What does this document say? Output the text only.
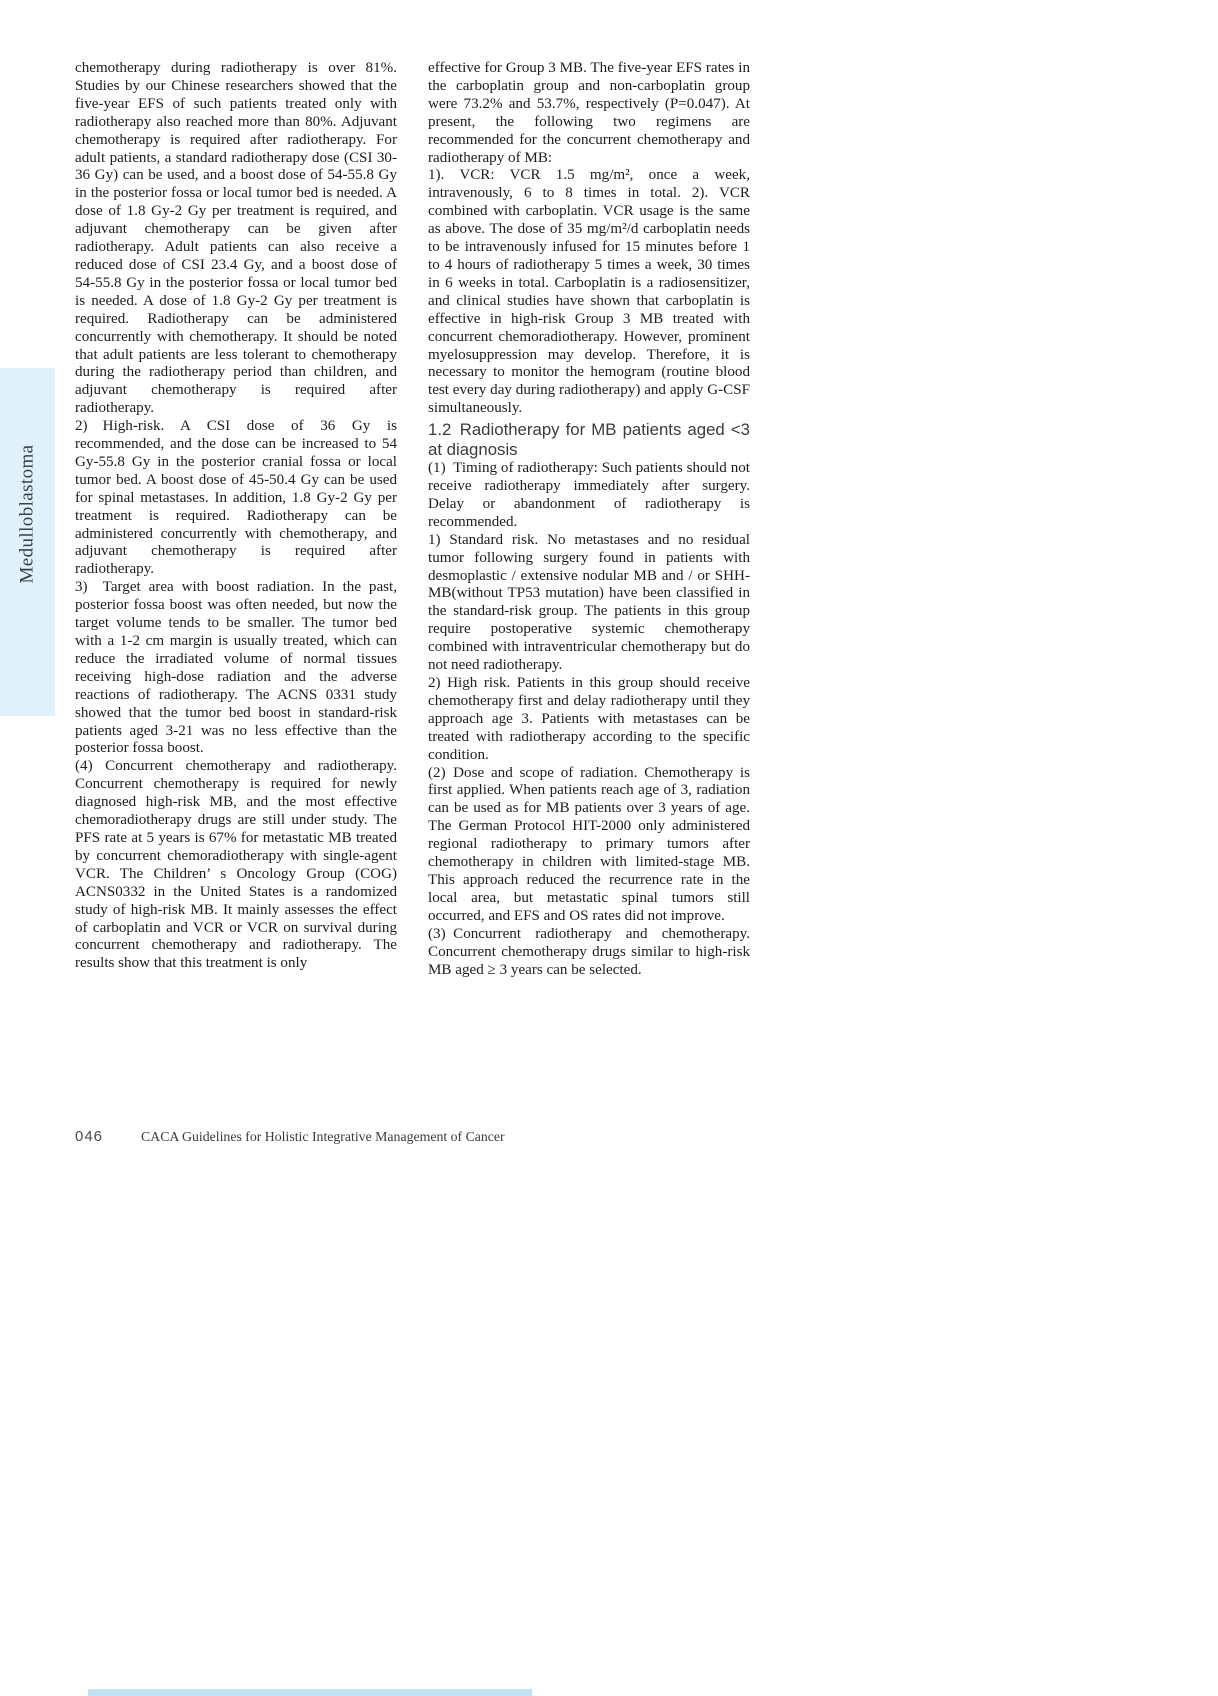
Medulloblastoma

chemotherapy during radiotherapy is over 81%. Studies by our Chinese researchers showed that the five-year EFS of such patients treated only with radiotherapy also reached more than 80%. Adjuvant chemotherapy is required after radiotherapy. For adult patients, a standard radiotherapy dose (CSI 30-36 Gy) can be used, and a boost dose of 54-55.8 Gy in the posterior fossa or local tumor bed is needed. A dose of 1.8 Gy-2 Gy per treatment is required, and adjuvant chemotherapy can be given after radiotherapy. Adult patients can also receive a reduced dose of CSI 23.4 Gy, and a boost dose of 54-55.8 Gy in the posterior fossa or local tumor bed is needed. A dose of 1.8 Gy-2 Gy per treatment is required. Radiotherapy can be administered concurrently with chemotherapy. It should be noted that adult patients are less tolerant to chemotherapy during the radiotherapy period than children, and adjuvant chemotherapy is required after radiotherapy.

2) High-risk. A CSI dose of 36 Gy is recommended, and the dose can be increased to 54 Gy-55.8 Gy in the posterior cranial fossa or local tumor bed. A boost dose of 45-50.4 Gy can be used for spinal metastases. In addition, 1.8 Gy-2 Gy per treatment is required. Radiotherapy can be administered concurrently with chemotherapy, and adjuvant chemotherapy is required after radiotherapy.

3) Target area with boost radiation. In the past, posterior fossa boost was often needed, but now the target volume tends to be smaller. The tumor bed with a 1-2 cm margin is usually treated, which can reduce the irradiated volume of normal tissues receiving high-dose radiation and the adverse reactions of radiotherapy. The ACNS 0331 study showed that the tumor bed boost in standard-risk patients aged 3-21 was no less effective than the posterior fossa boost.

(4) Concurrent chemotherapy and radiotherapy. Concurrent chemotherapy is required for newly diagnosed high-risk MB, and the most effective chemoradiotherapy drugs are still under study. The PFS rate at 5 years is 67% for metastatic MB treated by concurrent chemoradiotherapy with single-agent VCR. The Children’ s Oncology Group (COG) ACNS0332 in the United States is a randomized study of high-risk MB. It mainly assesses the effect of carboplatin and VCR or VCR on survival during concurrent chemotherapy and radiotherapy. The results show that this treatment is only

effective for Group 3 MB. The five-year EFS rates in the carboplatin group and non-carboplatin group were 73.2% and 53.7%, respectively (P=0.047). At present, the following two regimens are recommended for the concurrent chemotherapy and radiotherapy of MB:

1). VCR: VCR 1.5 mg/m², once a week, intravenously, 6 to 8 times in total. 2). VCR combined with carboplatin. VCR usage is the same as above. The dose of 35 mg/m²/d carboplatin needs to be intravenously infused for 15 minutes before 1 to 4 hours of radiotherapy 5 times a week, 30 times in 6 weeks in total. Carboplatin is a radiosensitizer, and clinical studies have shown that carboplatin is effective in high-risk Group 3 MB treated with concurrent chemoradiotherapy. However, prominent myelosuppression may develop. Therefore, it is necessary to monitor the hemogram (routine blood test every day during radiotherapy) and apply G-CSF simultaneously.

1.2 Radiotherapy for MB patients aged <3 at diagnosis

(1) Timing of radiotherapy: Such patients should not receive radiotherapy immediately after surgery. Delay or abandonment of radiotherapy is recommended.

1) Standard risk. No metastases and no residual tumor following surgery found in patients with desmoplastic / extensive nodular MB and / or SHH-MB(without TP53 mutation) have been classified in the standard-risk group. The patients in this group require postoperative systemic chemotherapy combined with intraventricular chemotherapy but do not need radiotherapy.

2) High risk. Patients in this group should receive chemotherapy first and delay radiotherapy until they approach age 3. Patients with metastases can be treated with radiotherapy according to the specific condition.

(2) Dose and scope of radiation. Chemotherapy is first applied. When patients reach age of 3, radiation can be used as for MB patients over 3 years of age. The German Protocol HIT-2000 only administered regional radiotherapy to primary tumors after chemotherapy in children with limited-stage MB. This approach reduced the recurrence rate in the local area, but metastatic spinal tumors still occurred, and EFS and OS rates did not improve.

(3) Concurrent radiotherapy and chemotherapy. Concurrent chemotherapy drugs similar to high-risk MB aged ≥ 3 years can be selected.

046	CACA Guidelines for Holistic Integrative Management of Cancer
